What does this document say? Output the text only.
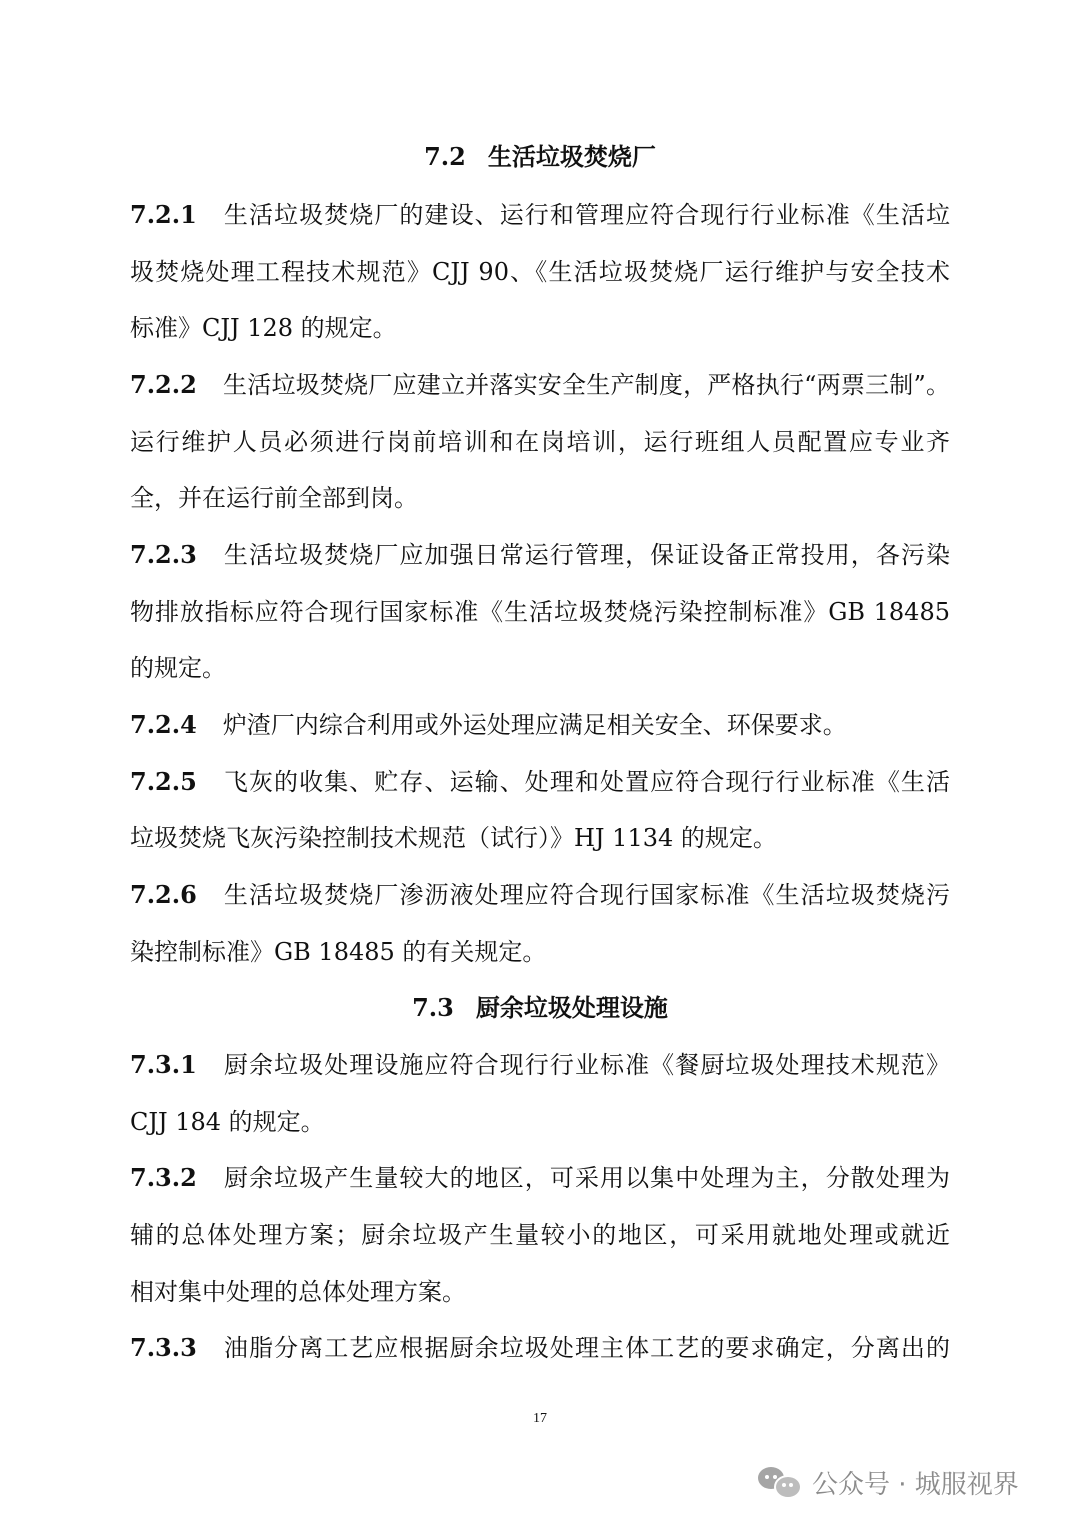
7.2 生活垃圾焚烧厂
7.2.1 生活垃圾焚烧厂的建设、运行和管理应符合现行行业标准《生活垃
圾焚烧处理工程技术规范》CJJ 90、《生活垃圾焚烧厂运行维护与安全技术
标准》CJJ 128 的规定。
7.2.2 生活垃圾焚烧厂应建立并落实安全生产制度，严格执行“两票三制”。
运行维护人员必须进行岗前培训和在岗培训，运行班组人员配置应专业齐
全，并在运行前全部到岗。
7.2.3 生活垃圾焚烧厂应加强日常运行管理，保证设备正常投用，各污染
物排放指标应符合现行国家标准《生活垃圾焚烧污染控制标准》GB 18485
的规定。
7.2.4 炉渣厂内综合利用或外运处理应满足相关安全、环保要求。
7.2.5 飞灰的收集、贮存、运输、处理和处置应符合现行行业标准《生活
垃圾焚烧飞灰污染控制技术规范（试行）》HJ 1134 的规定。
7.2.6 生活垃圾焚烧厂渗沥液处理应符合现行国家标准《生活垃圾焚烧污
染控制标准》GB 18485 的有关规定。
7.3 厨余垃圾处理设施
7.3.1 厨余垃圾处理设施应符合现行行业标准《餐厨垃圾处理技术规范》
CJJ 184 的规定。
7.3.2 厨余垃圾产生量较大的地区，可采用以集中处理为主，分散处理为
辅的总体处理方案；厨余垃圾产生量较小的地区，可采用就地处理或就近
相对集中处理的总体处理方案。
7.3.3 油脂分离工艺应根据厨余垃圾处理主体工艺的要求确定，分离出的
17
公众号 · 城服视界
